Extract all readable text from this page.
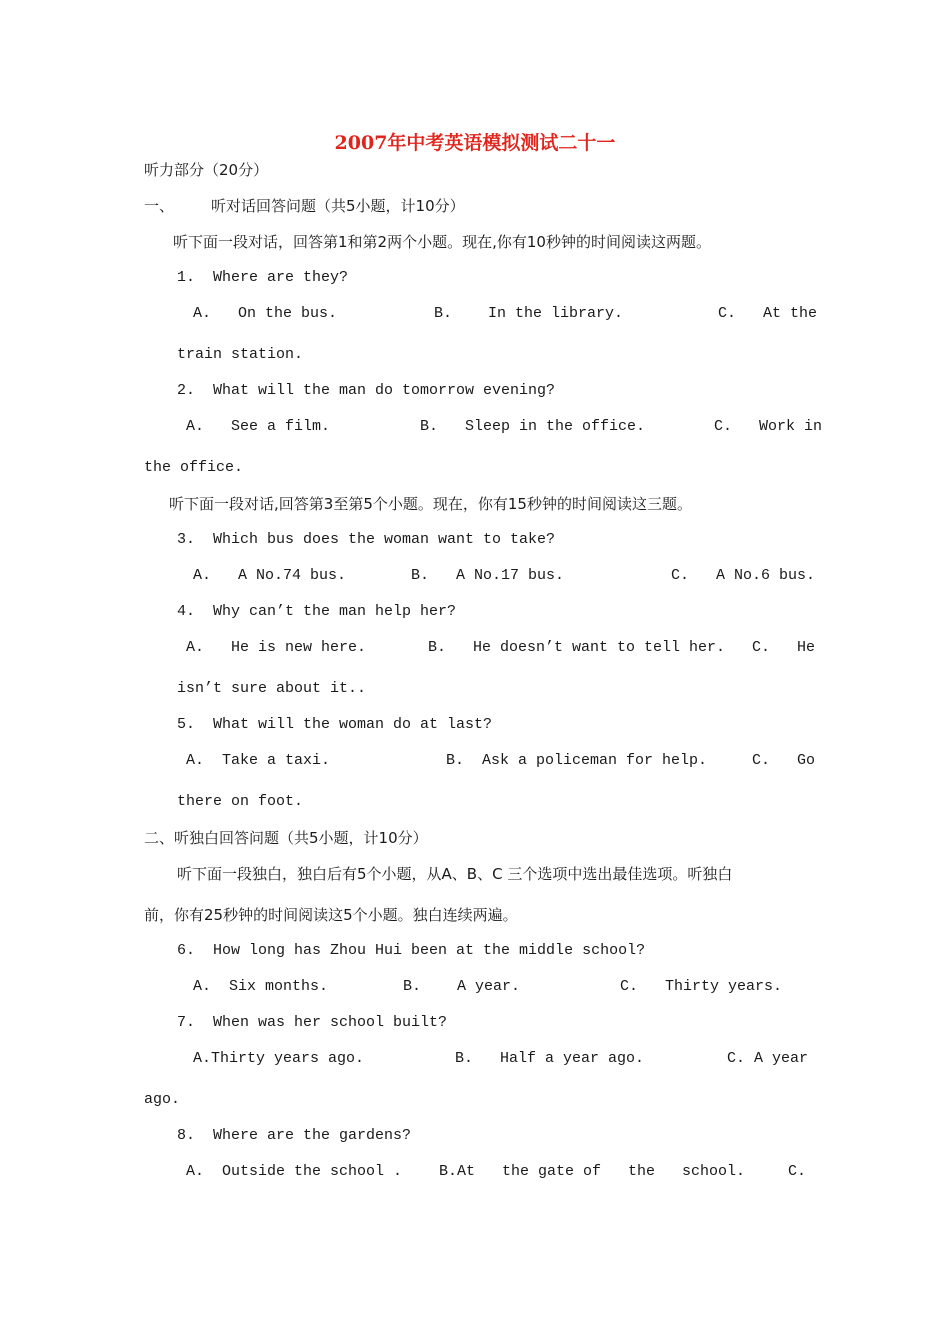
2007年中考英语模拟测试二十一
听力部分（20分）
一、 听对话回答问题（共5小题，计10分）
听下面一段对话，回答第1和第2两个小题。现在,你有10秒钟的时间阅读这两题。
1.  Where are they?
A.   On the bus.	B.    In the library.	C.   At the
train station.
2.  What will the man do tomorrow evening?
A.   See a film.	B.   Sleep in the office.	C.   Work in
the office.
听下面一段对话,回答第3至第5个小题。现在，你有15秒钟的时间阅读这三题。
3.  Which bus does the woman want to take?
A.   A No.74 bus.	B.   A No.17 bus.	C.   A No.6 bus.
4.  Why can’t the man help her?
A.   He is new here.	B.   He doesn’t want to tell her. C.   He
isn’t sure about it..
5.  What will the woman do at last?
A.  Take a taxi.	B.  Ask a policeman for help.	C.   Go
there on foot.
二、听独白回答问题（共5小题，计10分）
听下面一段独白，独白后有5个小题，从A、B、C 三个选项中选出最佳选项。听独白
前，你有25秒钟的时间阅读这5个小题。独白连续两遍。
6.  How long has Zhou Hui been at the middle school?
A.  Six months.	B.    A year.	C.   Thirty years.
7.  When was her school built?
A.Thirty years ago.	B.   Half a year ago.	C. A year
ago.
8.  Where are the gardens?
A.  Outside the school . B.At   the gate of   the   school.	C.
